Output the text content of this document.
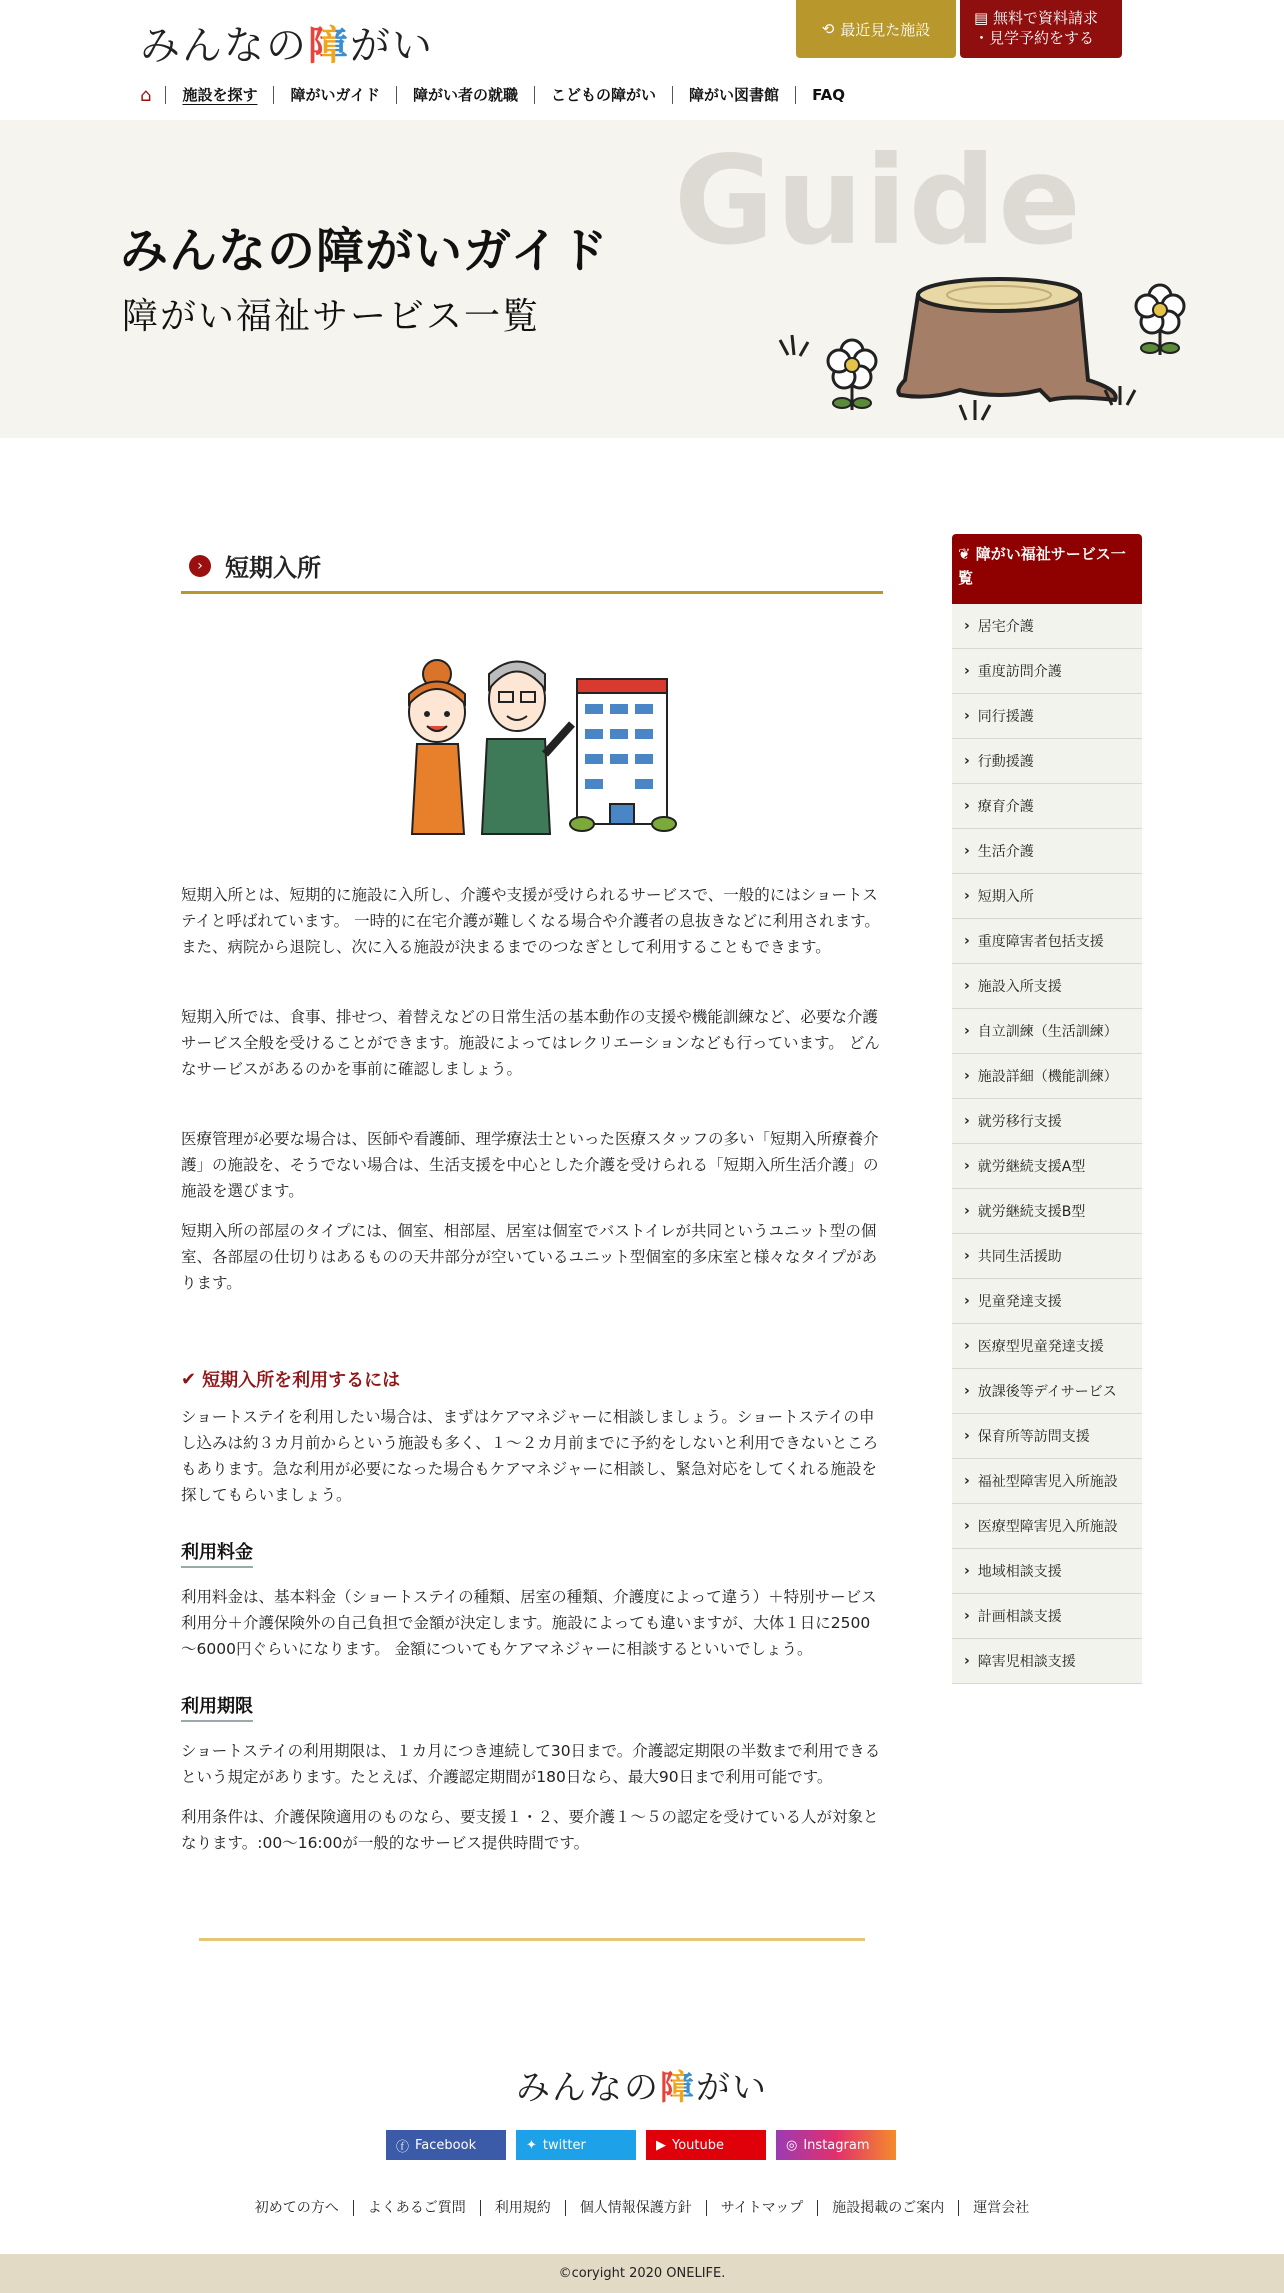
みんなの障がい	⟲ 最近見た施設
▤ 無料で資料請求
・見学予約をする
⌂	施設を探す	障がいガイド	障がい者の就職	こどもの障がい	障がい図書館	FAQ
Guide
みんなの障がいガイド
障がい福祉サービス一覧
› 短期入所

短期入所とは、短期的に施設に入所し、介護や支援が受けられるサービスで、一般的にはショートステイと呼ばれています。 一時的に在宅介護が難しくなる場合や介護者の息抜きなどに利用されます。 また、病院から退院し、次に入る施設が決まるまでのつなぎとして利用することもできます。

短期入所では、食事、排せつ、着替えなどの日常生活の基本動作の支援や機能訓練など、必要な介護サービス全般を受けることができます。施設によってはレクリエーションなども行っています。 どんなサービスがあるのかを事前に確認しましょう。

医療管理が必要な場合は、医師や看護師、理学療法士といった医療スタッフの多い「短期入所療養介護」の施設を、そうでない場合は、生活支援を中心とした介護を受けられる「短期入所生活介護」の施設を選びます。

短期入所の部屋のタイプには、個室、相部屋、居室は個室でバストイレが共同というユニット型の個室、各部屋の仕切りはあるものの天井部分が空いているユニット型個室的多床室と様々なタイプがあります。

✔ 短期入所を利用するには

ショートステイを利用したい場合は、まずはケアマネジャーに相談しましょう。ショートステイの申し込みは約３カ月前からという施設も多く、１～２カ月前までに予約をしないと利用できないところもあります。急な利用が必要になった場合もケアマネジャーに相談し、緊急対応をしてくれる施設を探してもらいましょう。

利用料金

利用料金は、基本料金（ショートステイの種類、居室の種類、介護度によって違う）＋特別サービス利用分＋介護保険外の自己負担で金額が決定します。施設によっても違いますが、大体１日に2500～6000円ぐらいになります。 金額についてもケアマネジャーに相談するといいでしょう。

利用期限

ショートステイの利用期限は、１カ月につき連続して30日まで。介護認定期限の半数まで利用できるという規定があります。たとえば、介護認定期間が180日なら、最大90日まで利用可能です。

利用条件は、介護保険適用のものなら、要支援１・２、要介護１～５の認定を受けている人が対象となります。:00〜16:00が一般的なサービス提供時間です。

❦ 障がい福祉サービス一覧
› 居宅介護
› 重度訪問介護
› 同行援護
› 行動援護
› 療育介護
› 生活介護
› 短期入所
› 重度障害者包括支援
› 施設入所支援
› 自立訓練（生活訓練）
› 施設詳細（機能訓練）
› 就労移行支援
› 就労継続支援A型
› 就労継続支援B型
› 共同生活援助
› 児童発達支援
› 医療型児童発達支援
› 放課後等デイサービス
› 保育所等訪問支援
› 福祉型障害児入所施設
› 医療型障害児入所施設
› 地域相談支援
› 計画相談支援
› 障害児相談支援
みんなの障がい
ⓕ Facebook	✦ twitter	▶ Youtube	◎ Instagram
初めての方へ	よくあるご質問	利用規約	個人情報保護方針	サイトマップ	施設掲載のご案内	運営会社
©coryight 2020 ONELIFE.
